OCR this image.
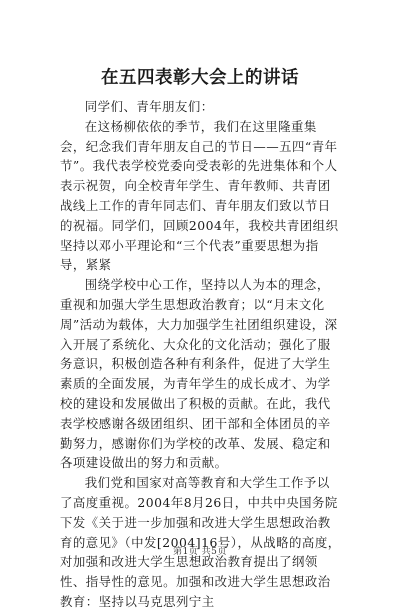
在五四表彰大会上的讲话

同学们、青年朋友们：

在这杨柳依依的季节，我们在这里隆重集会，纪念我们青年朋友自己的节日——五四“青年节”。我代表学校党委向受表彰的先进集体和个人表示祝贺，向全校青年学生、青年教师、共青团战线上工作的青年同志们、青年朋友们致以节日的祝福。同学们，回顾2004年，我校共青团组织坚持以邓小平理论和“三个代表”重要思想为指导，紧紧

围绕学校中心工作，坚持以人为本的理念，重视和加强大学生思想政治教育；以“月末文化周”活动为载体，大力加强学生社团组织建设，深入开展了系统化、大众化的文化活动；强化了服务意识，积极创造各种有利条件，促进了大学生素质的全面发展，为青年学生的成长成才、为学校的建设和发展做出了积极的贡献。在此，我代表学校感谢各级团组织、团干部和全体团员的辛勤努力，感谢你们为学校的改革、发展、稳定和各项建设做出的努力和贡献。

我们党和国家对高等教育和大学生工作予以了高度重视。2004年8月26日，中共中央国务院下发《关于进一步加强和改进大学生思想政治教育的意见》（中发[2004]16号），从战略的高度，对加强和改进大学生思想政治教育提出了纲领性、指导性的意见。加强和改进大学生思想政治教育：坚持以马克思列宁主

第1页 共5页
